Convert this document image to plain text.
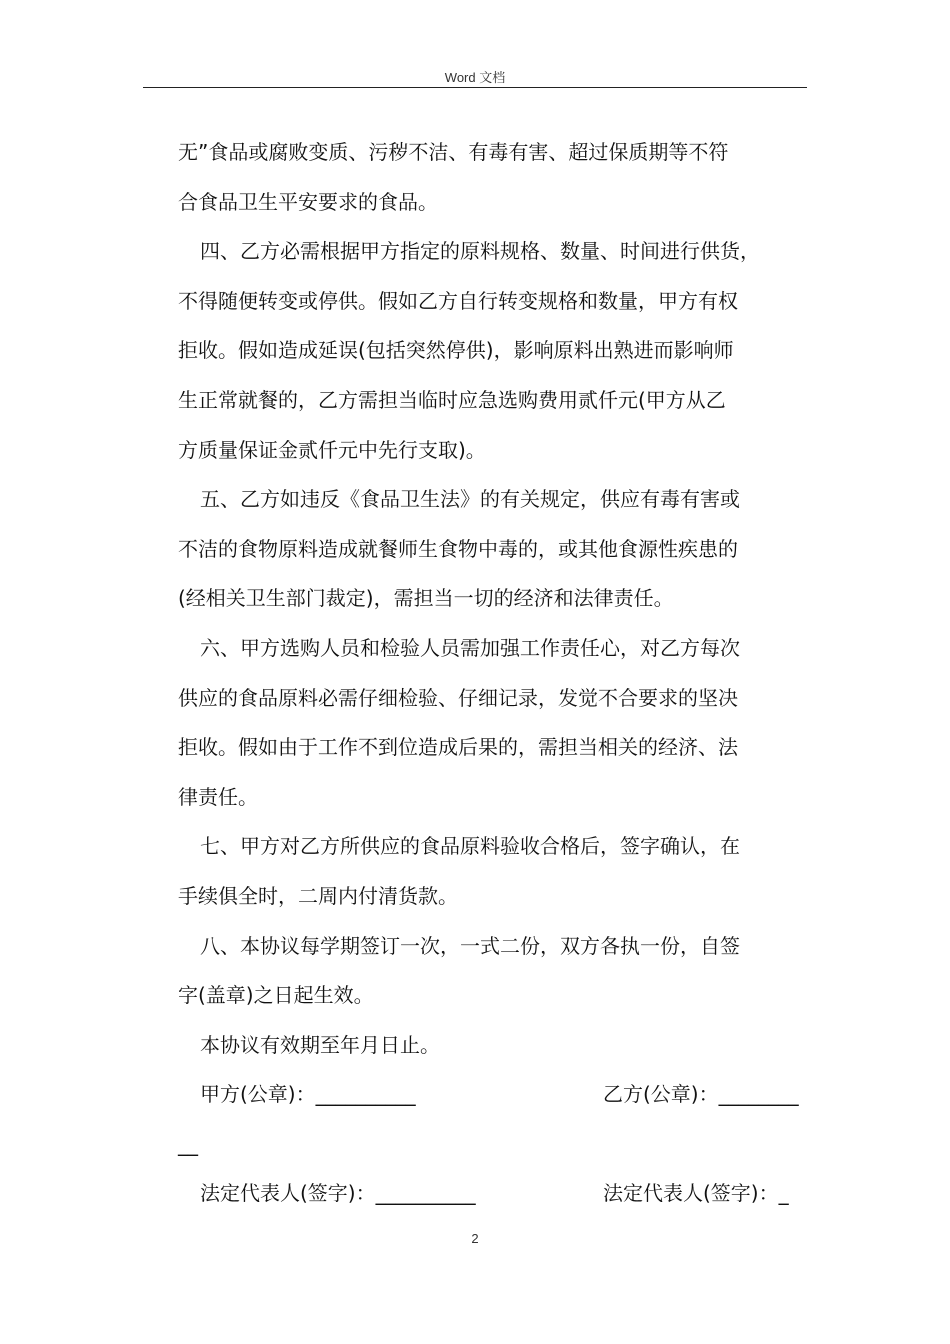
Word 文档
无”食品或腐败变质、污秽不洁、有毒有害、超过保质期等不符
合食品卫生平安要求的食品。
四、乙方必需根据甲方指定的原料规格、数量、时间进行供货，
不得随便转变或停供。假如乙方自行转变规格和数量，甲方有权
拒收。假如造成延误(包括突然停供)，影响原料出熟进而影响师
生正常就餐的，乙方需担当临时应急选购费用贰仟元(甲方从乙
方质量保证金贰仟元中先行支取)。
五、乙方如违反《食品卫生法》的有关规定，供应有毒有害或
不洁的食物原料造成就餐师生食物中毒的，或其他食源性疾患的
(经相关卫生部门裁定)，需担当一切的经济和法律责任。
六、甲方选购人员和检验人员需加强工作责任心，对乙方每次
供应的食品原料必需仔细检验、仔细记录，发觉不合要求的坚决
拒收。假如由于工作不到位造成后果的，需担当相关的经济、法
律责任。
七、甲方对乙方所供应的食品原料验收合格后，签字确认，在
手续俱全时，二周内付清货款。
八、本协议每学期签订一次，一式二份，双方各执一份，自签
字(盖章)之日起生效。
本协议有效期至年月日止。
甲方(公章)：__________	乙方(公章)：________
__
法定代表人(签字)：__________	法定代表人(签字)：_
2
